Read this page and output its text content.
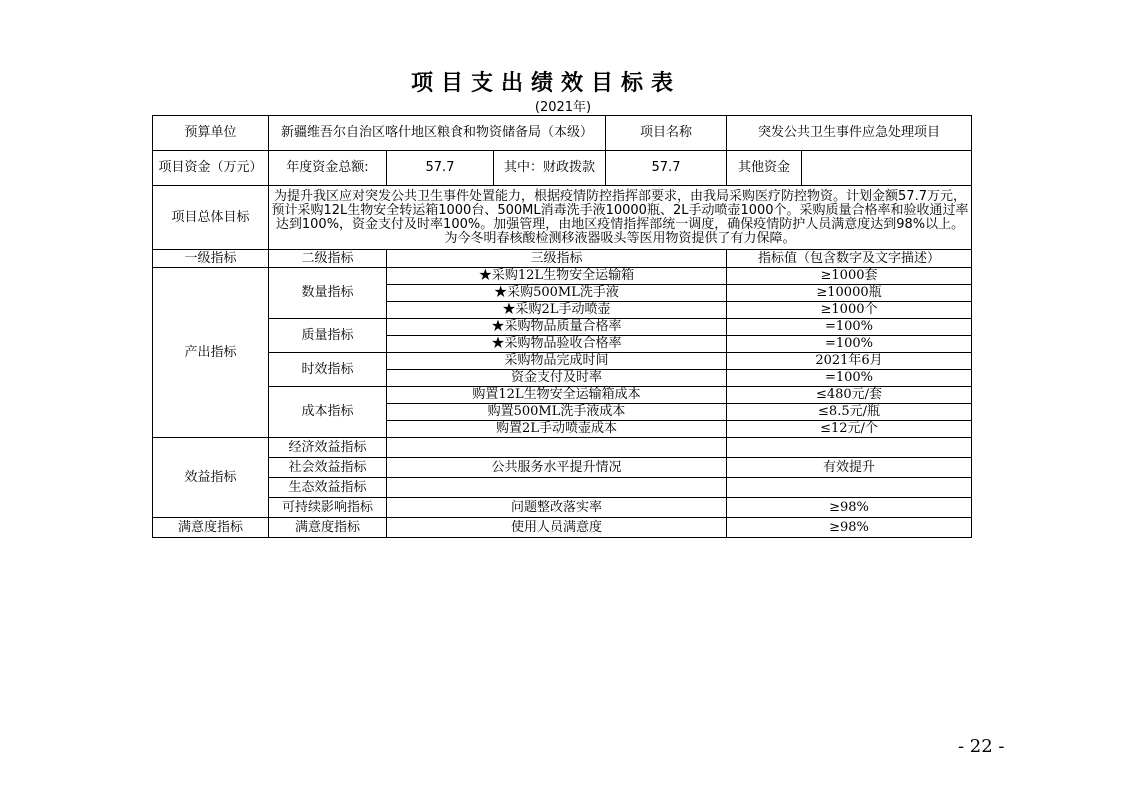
项目支出绩效目标表
(2021年)
预算单位	新疆维吾尔自治区喀什地区粮食和物资储备局（本级）			项目名称	突发公共卫生事件应急处理项目	
项目资金（万元）	年度资金总额:	57.7	其中：财政拨款	57.7	其他资金	
项目总体目标	为提升我区应对突发公共卫生事件处置能力，根据疫情防控指挥部要求，由我局采购医疗防控物资。计划金额57.7万元，预计采购12L生物安全转运箱1000台、500ML消毒洗手液10000瓶、2L手动喷壶1000个。采购质量合格率和验收通过率达到100%，资金支付及时率100%。加强管理，由地区疫情指挥部统一调度，确保疫情防护人员满意度达到98%以上。为今冬明春核酸检测移液器吸头等医用物资提供了有力保障。					
一级指标	二级指标	三级指标			指标值（包含数字及文字描述）	
产出指标	数量指标	★采购12L生物安全运输箱			≥1000套	
		★采购500ML洗手液			≥10000瓶	
		★采购2L手动喷壶			≥1000个	
	质量指标	★采购物品质量合格率			=100%	
		★采购物品验收合格率			=100%	
	时效指标	采购物品完成时间			2021年6月	
		资金支付及时率			=100%	
	成本指标	购置12L生物安全运输箱成本			≤480元/套	
		购置500ML洗手液成本			≤8.5元/瓶	
		购置2L手动喷壶成本			≤12元/个	
效益指标	经济效益指标					
	社会效益指标	公共服务水平提升情况			有效提升	
	生态效益指标					
	可持续影响指标	问题整改落实率			≥98%	
满意度指标	满意度指标	使用人员满意度			≥98%	
- 22 -
